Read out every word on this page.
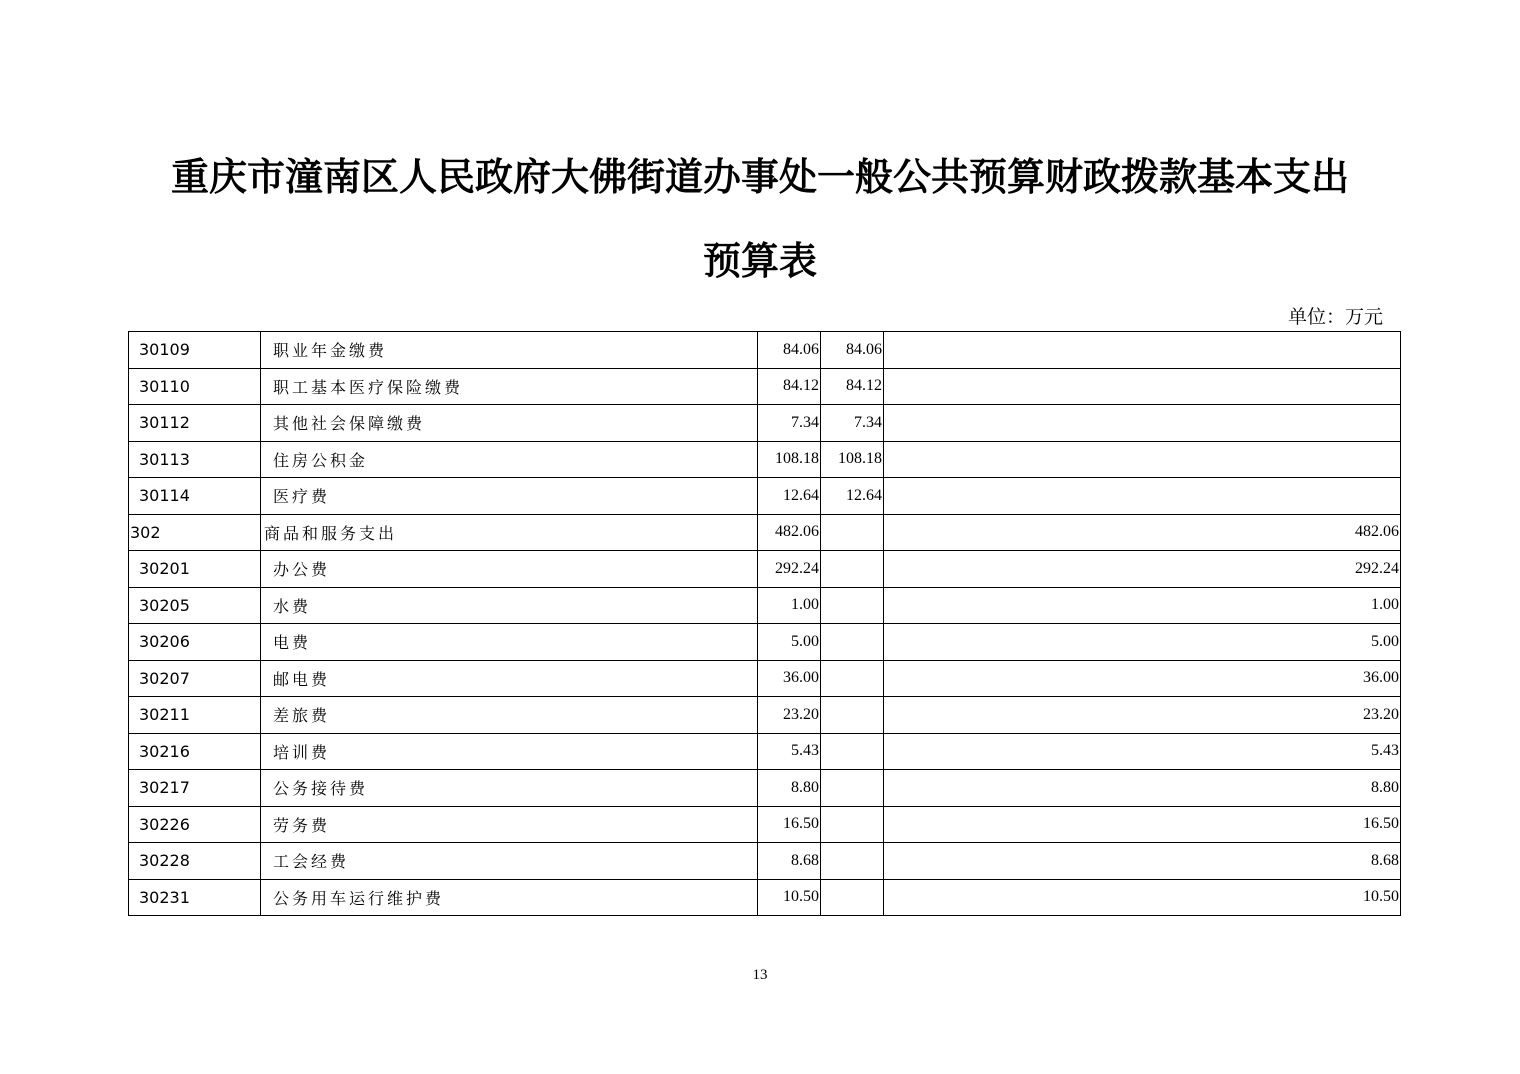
重庆市潼南区人民政府大佛街道办事处一般公共预算财政拨款基本支出
预算表
单位：万元
30109	职业年金缴费	84.06	84.06	
30110	职工基本医疗保险缴费	84.12	84.12	
30112	其他社会保障缴费	7.34	7.34	
30113	住房公积金	108.18	108.18	
30114	医疗费	12.64	12.64	
302	商品和服务支出	482.06		482.06
30201	办公费	292.24		292.24
30205	水费	1.00		1.00
30206	电费	5.00		5.00
30207	邮电费	36.00		36.00
30211	差旅费	23.20		23.20
30216	培训费	5.43		5.43
30217	公务接待费	8.80		8.80
30226	劳务费	16.50		16.50
30228	工会经费	8.68		8.68
30231	公务用车运行维护费	10.50		10.50
13
